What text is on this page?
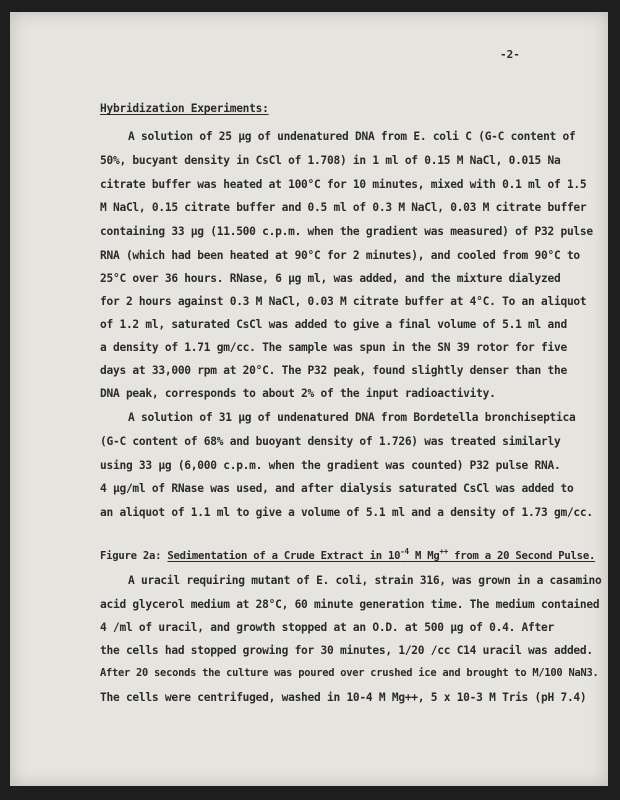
-2-
Hybridization Experiments:
A solution of 25 µg of undenatured DNA from E. coli C (G-C content of
50%, bucyant density in CsCl of 1.708) in 1 ml of 0.15 M NaCl, 0.015 Na
citrate buffer was heated at 100°C for 10 minutes, mixed with 0.1 ml of 1.5
M NaCl, 0.15 citrate buffer and 0.5 ml of 0.3 M NaCl, 0.03 M citrate buffer
containing 33 µg (11.500 c.p.m. when the gradient was measured) of P32 pulse
RNA (which had been heated at 90°C for 2 minutes), and cooled from 90°C to
25°C over 36 hours. RNase, 6 µg ml, was added, and the mixture dialyzed
for 2 hours against 0.3 M NaCl, 0.03 M citrate buffer at 4°C. To an aliquot
of 1.2 ml, saturated CsCl was added to give a final volume of 5.1 ml and
a density of 1.71 gm/cc. The sample was spun in the SN 39 rotor for five
days at 33,000 rpm at 20°C. The P32 peak, found slightly denser than the
DNA peak, corresponds to about 2% of the input radioactivity.
A solution of 31 µg of undenatured DNA from Bordetella bronchiseptica
(G-C content of 68% and buoyant density of 1.726) was treated similarly
using 33 µg (6,000 c.p.m. when the gradient was counted) P32 pulse RNA.
4 µg/ml of RNase was used, and after dialysis saturated CsCl was added to
an aliquot of 1.1 ml to give a volume of 5.1 ml and a density of 1.73 gm/cc.
Figure 2a: Sedimentation of a Crude Extract in $10^{-4}$ M Mg++ from a 20 Second Pulse.
A uracil requiring mutant of E. coli, strain 316, was grown in a casamino
acid glycerol medium at 28°C, 60 minute generation time. The medium contained
4 /ml of uracil, and growth stopped at an O.D. at 500 µg of 0.4. After
the cells had stopped growing for 30 minutes, 1/20 /cc C14 uracil was added.
After 20 seconds the culture was poured over crushed ice and brought to M/100 NaN3.
The cells were centrifuged, washed in 10-4 M Mg++, 5 x 10-3 M Tris (pH 7.4)
